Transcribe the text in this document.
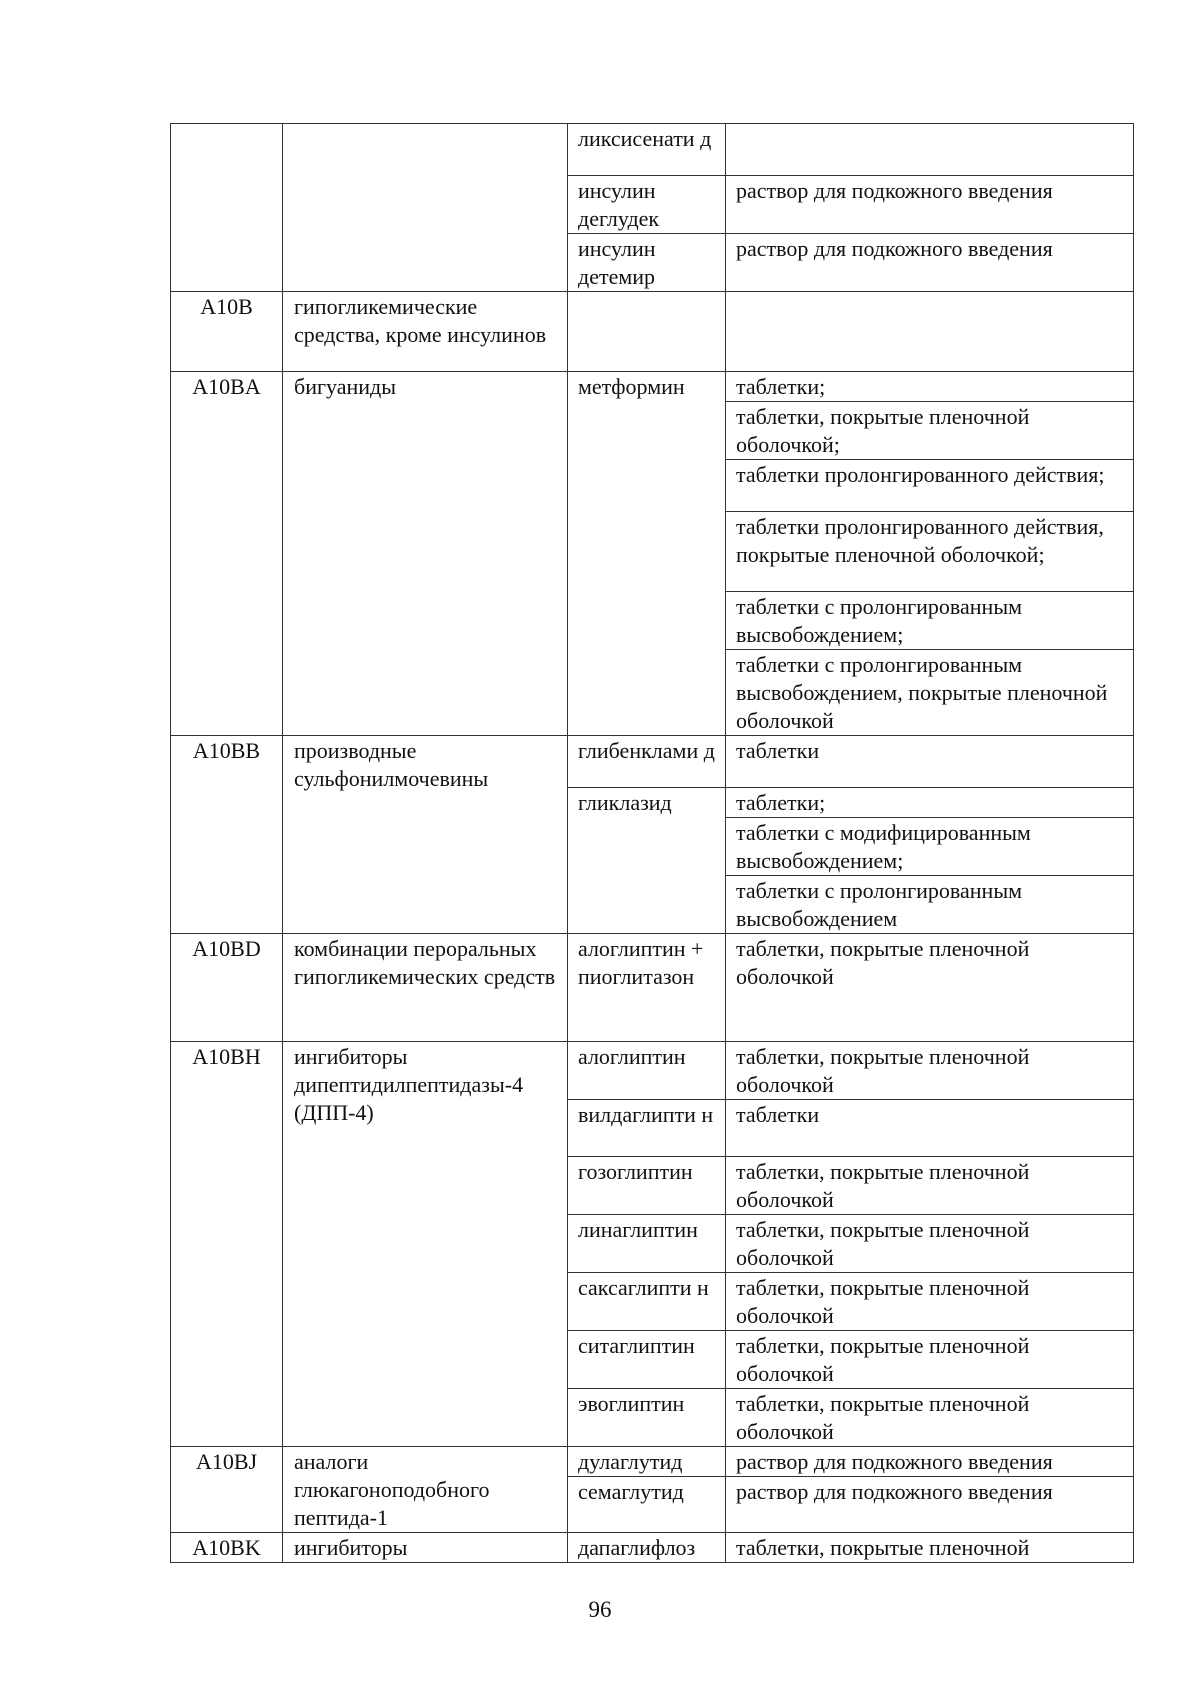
		ликсисенати д	
		инсулин деглудек	раствор для подкожного введения
		инсулин детемир	раствор для подкожного введения
A10B	гипогликемические средства, кроме инсулинов		
A10BA	бигуаниды	метформин	таблетки;
			таблетки, покрытые пленочной оболочкой;
			таблетки пролонгированного действия;
			таблетки пролонгированного действия, покрытые пленочной оболочкой;
			таблетки с пролонгированным высвобождением;
			таблетки с пролонгированным высвобождением, покрытые пленочной оболочкой
A10BB	производные сульфонилмочевины	глибенклами д	таблетки
		гликлазид	таблетки;
			таблетки с модифицированным высвобождением;
			таблетки с пролонгированным высвобождением
A10BD	комбинации пероральных гипогликемических средств	алоглиптин + пиоглитазон	таблетки, покрытые пленочной оболочкой
A10BH	ингибиторы дипептидилпептидазы-4 (ДПП-4)	алоглиптин	таблетки, покрытые пленочной оболочкой
		вилдаглипти н	таблетки
		гозоглиптин	таблетки, покрытые пленочной оболочкой
		линаглиптин	таблетки, покрытые пленочной оболочкой
		саксаглипти н	таблетки, покрытые пленочной оболочкой
		ситаглиптин	таблетки, покрытые пленочной оболочкой
		эвоглиптин	таблетки, покрытые пленочной оболочкой
A10BJ	аналоги глюкагоноподобного пептида-1	дулаглутид	раствор для подкожного введения
		семаглутид	раствор для подкожного введения
A10BK	ингибиторы	дапаглифлоз	таблетки, покрытые пленочной
96
